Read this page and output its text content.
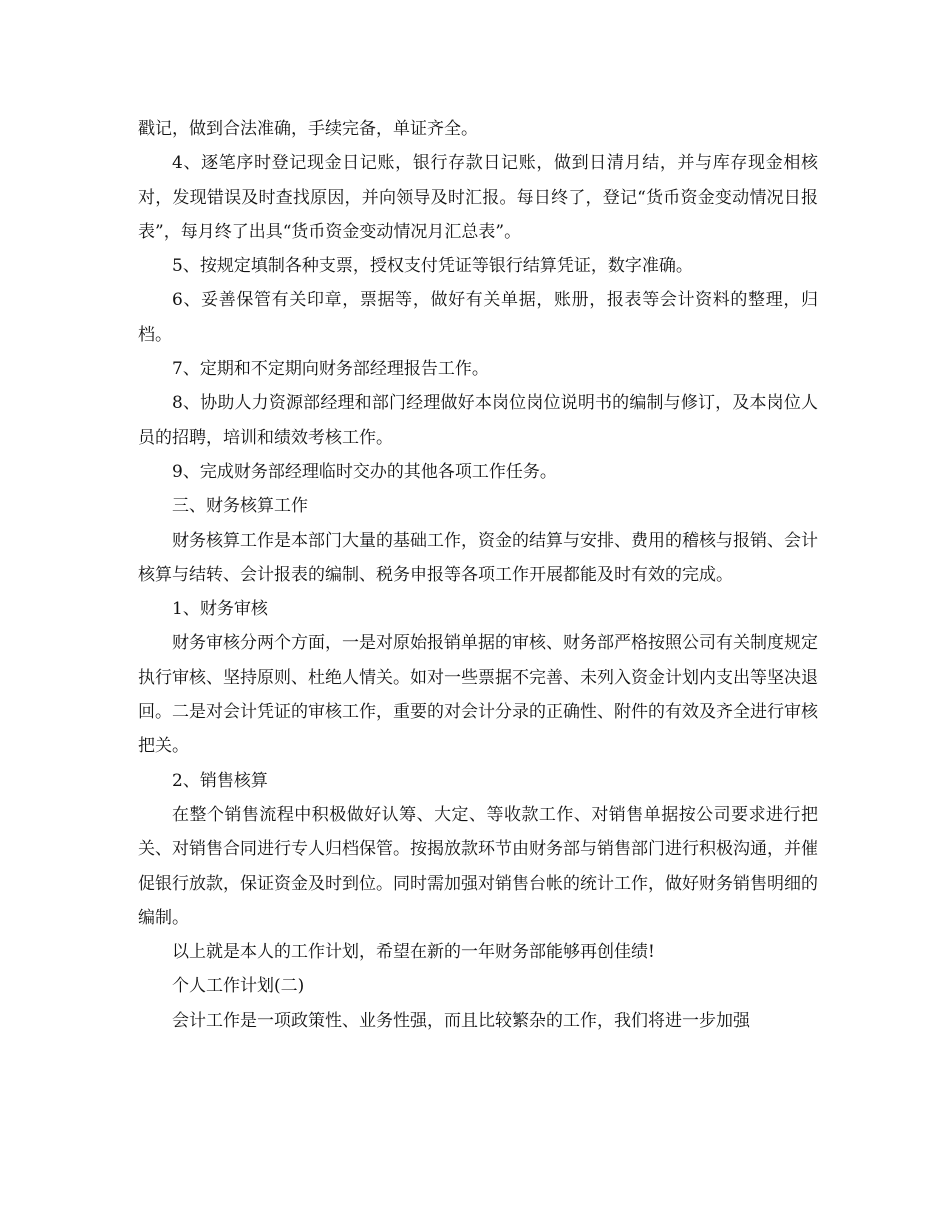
戳记，做到合法准确，手续完备，单证齐全。

4、逐笔序时登记现金日记账，银行存款日记账，做到日清月结，并与库存现金相核对，发现错误及时查找原因，并向领导及时汇报。每日终了，登记“货币资金变动情况日报表”，每月终了出具“货币资金变动情况月汇总表”。

5、按规定填制各种支票，授权支付凭证等银行结算凭证，数字准确。

6、妥善保管有关印章，票据等，做好有关单据，账册，报表等会计资料的整理，归档。

7、定期和不定期向财务部经理报告工作。

8、协助人力资源部经理和部门经理做好本岗位岗位说明书的编制与修订，及本岗位人员的招聘，培训和绩效考核工作。

9、完成财务部经理临时交办的其他各项工作任务。

三、财务核算工作

财务核算工作是本部门大量的基础工作，资金的结算与安排、费用的稽核与报销、会计核算与结转、会计报表的编制、税务申报等各项工作开展都能及时有效的完成。

1、财务审核

财务审核分两个方面，一是对原始报销单据的审核、财务部严格按照公司有关制度规定执行审核、坚持原则、杜绝人情关。如对一些票据不完善、未列入资金计划内支出等坚决退回。二是对会计凭证的审核工作，重要的对会计分录的正确性、附件的有效及齐全进行审核把关。

2、销售核算

在整个销售流程中积极做好认筹、大定、等收款工作、对销售单据按公司要求进行把关、对销售合同进行专人归档保管。按揭放款环节由财务部与销售部门进行积极沟通，并催促银行放款，保证资金及时到位。同时需加强对销售台帐的统计工作，做好财务销售明细的编制。

以上就是本人的工作计划，希望在新的一年财务部能够再创佳绩!

个人工作计划(二)

会计工作是一项政策性、业务性强，而且比较繁杂的工作，我们将进一步加强
